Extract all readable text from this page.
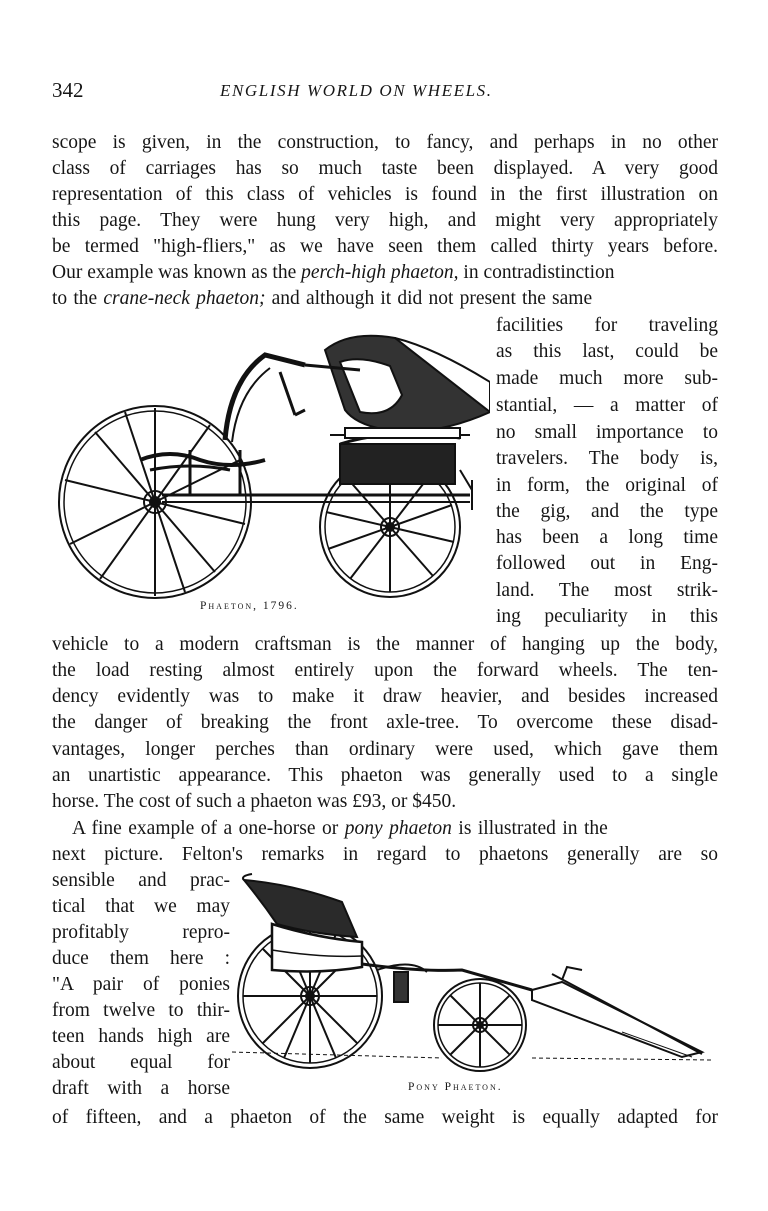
342	ENGLISH WORLD ON WHEELS.
scope is given, in the construction, to fancy, and perhaps in no other
class of carriages has so much taste been displayed. A very good
representation of this class of vehicles is found in the first illustration on
this page. They were hung very high, and might very appropriately
be termed "high-fliers," as we have seen them called thirty years before.
Our example was known as the perch-high phaeton, in contradistinction
to the crane-neck phaeton; and although it did not present the same
facilities for traveling
as this last, could be
made much more sub-
stantial, — a matter of
no small importance to
travelers. The body is,
in form, the original of
the gig, and the type
has been a long time
followed out in Eng-
land. The most strik-
ing peculiarity in this
Phaeton, 1796.
vehicle to a modern craftsman is the manner of hanging up the body,
the load resting almost entirely upon the forward wheels. The ten-
dency evidently was to make it draw heavier, and besides increased
the danger of breaking the front axle-tree. To overcome these disad-
vantages, longer perches than ordinary were used, which gave them
an unartistic appearance. This phaeton was generally used to a single
horse. The cost of such a phaeton was £93, or $450.
A fine example of a one-horse or pony phaeton is illustrated in the
next picture. Felton's remarks in regard to phaetons generally are so
sensible and prac-
tical that we may
profitably repro-
duce them here :
"A pair of ponies
from twelve to thir-
teen hands high are
about equal for
draft with a horse	Pony Phaeton.
of fifteen, and a phaeton of the same weight is equally adapted for
